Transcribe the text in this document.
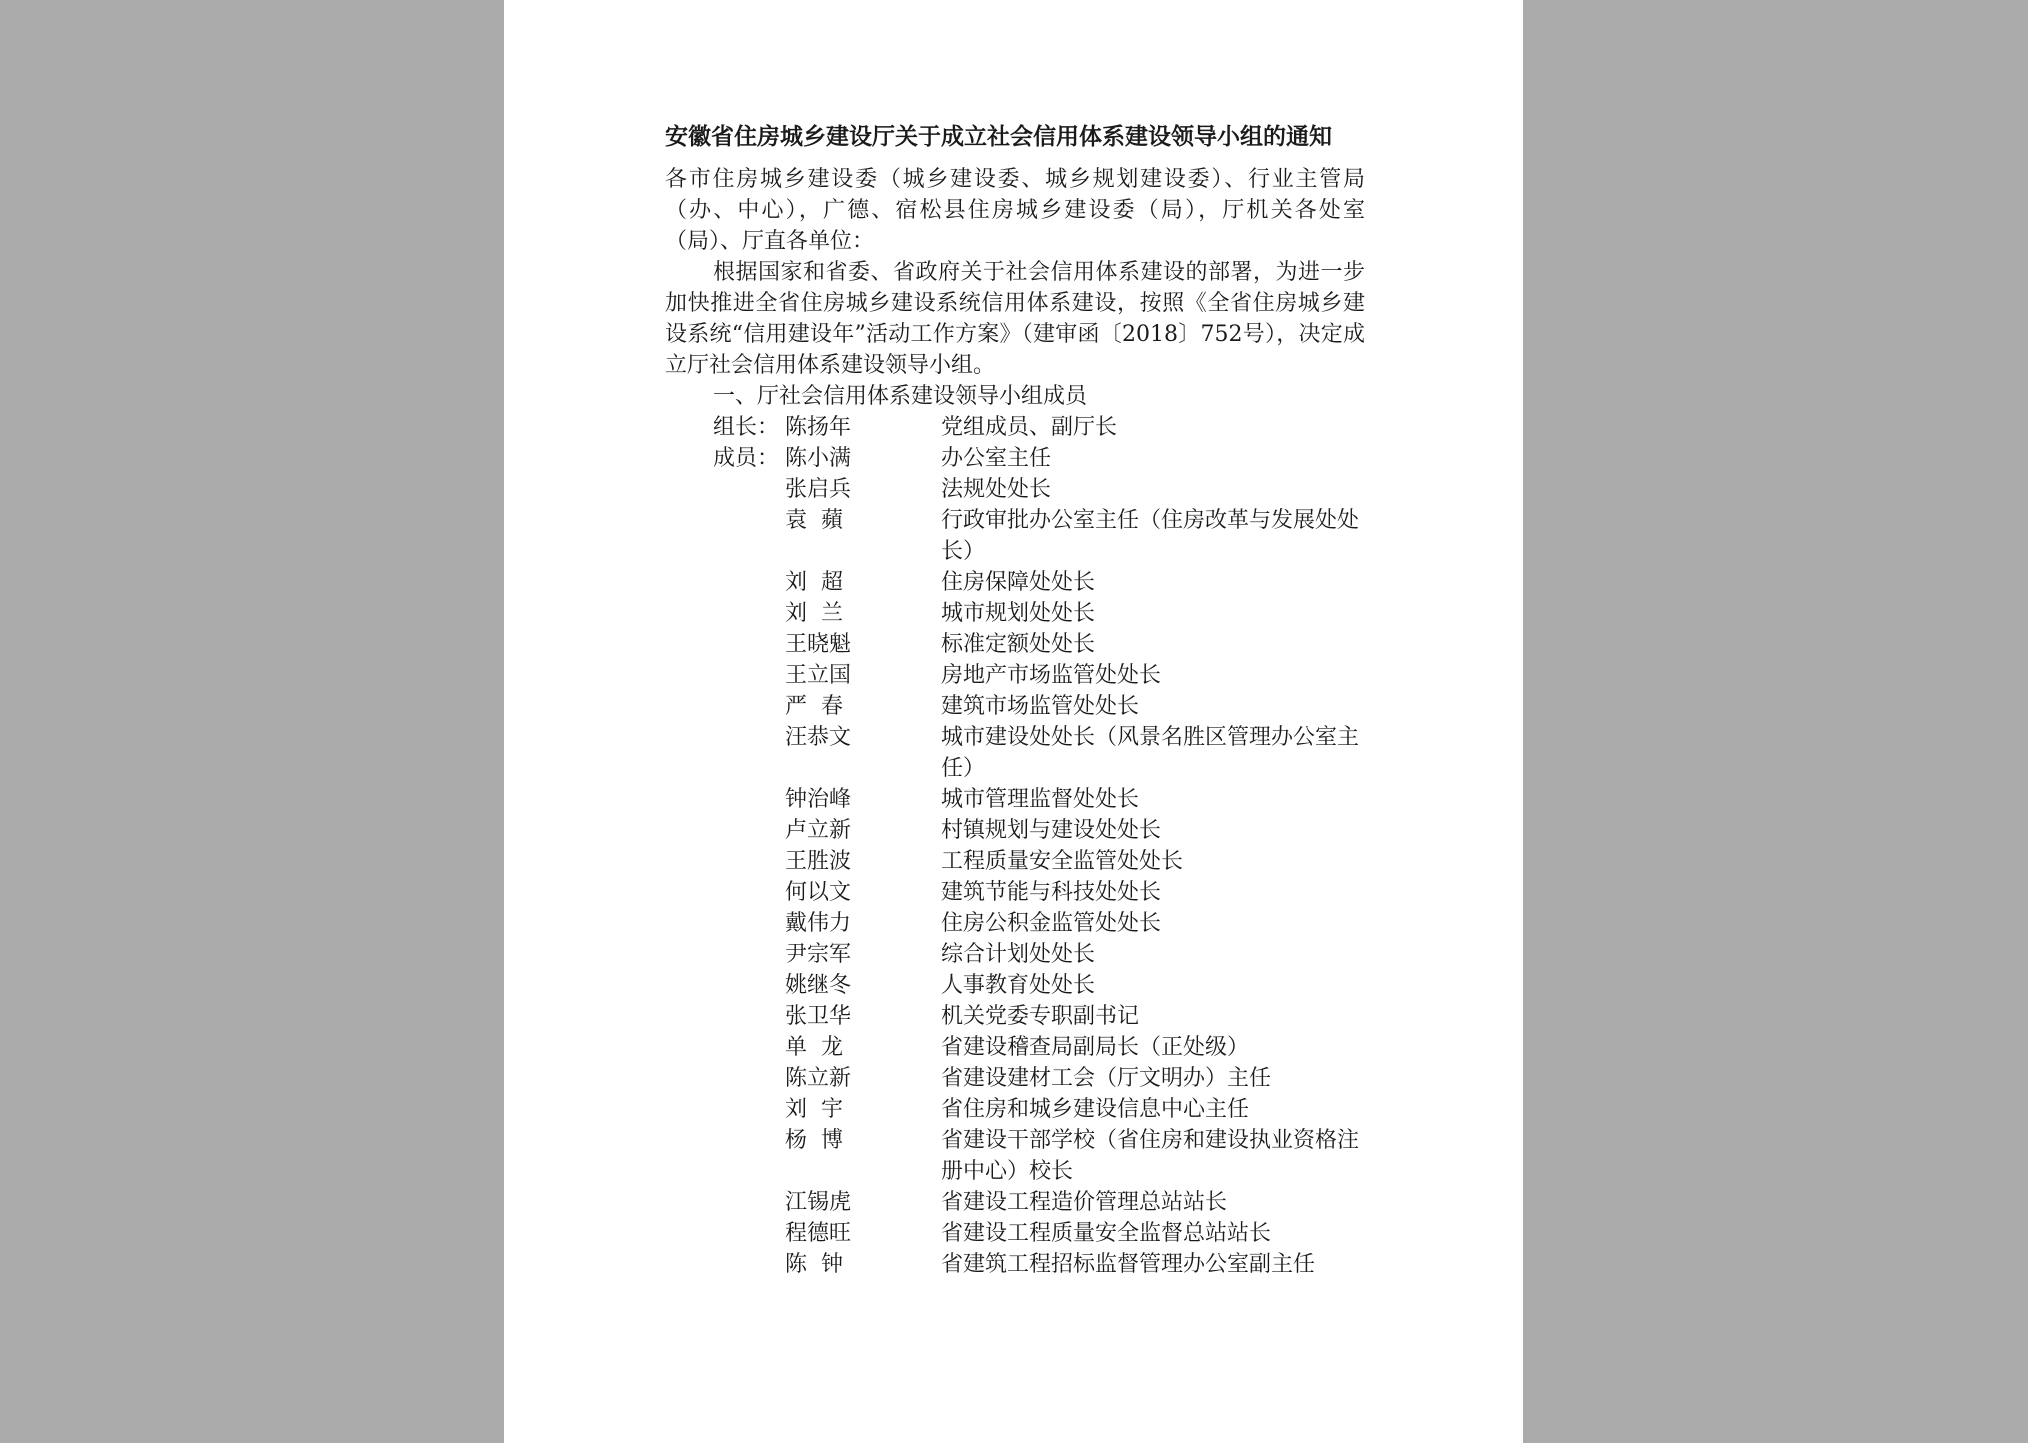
安徽省住房城乡建设厅关于成立社会信用体系建设领导小组的通知

各市住房城乡建设委（城乡建设委、城乡规划建设委）、行业主管局（办、中心），广德、宿松县住房城乡建设委（局），厅机关各处室（局）、厅直各单位：

根据国家和省委、省政府关于社会信用体系建设的部署，为进一步加快推进全省住房城乡建设系统信用体系建设，按照《全省住房城乡建设系统“信用建设年”活动工作方案》（建审函〔2018〕752号），决定成立厅社会信用体系建设领导小组。

一、厅社会信用体系建设领导小组成员

组长： 陈扬年	党组成员、副厅长
成员： 陈小满	办公室主任
张启兵	法规处处长
袁  蘋	行政审批办公室主任（住房改革与发展处处长）
刘  超	住房保障处处长
刘  兰	城市规划处处长
王晓魁	标准定额处处长
王立国	房地产市场监管处处长
严  春	建筑市场监管处处长
汪恭文	城市建设处处长（风景名胜区管理办公室主任）
钟治峰	城市管理监督处处长
卢立新	村镇规划与建设处处长
王胜波	工程质量安全监管处处长
何以文	建筑节能与科技处处长
戴伟力	住房公积金监管处处长
尹宗军	综合计划处处长
姚继冬	人事教育处处长
张卫华	机关党委专职副书记
单  龙	省建设稽查局副局长（正处级）
陈立新	省建设建材工会（厅文明办）主任
刘  宇	省住房和城乡建设信息中心主任
杨  博	省建设干部学校（省住房和建设执业资格注册中心）校长
江锡虎	省建设工程造价管理总站站长
程德旺	省建设工程质量安全监督总站站长
陈  钟	省建筑工程招标监督管理办公室副主任
